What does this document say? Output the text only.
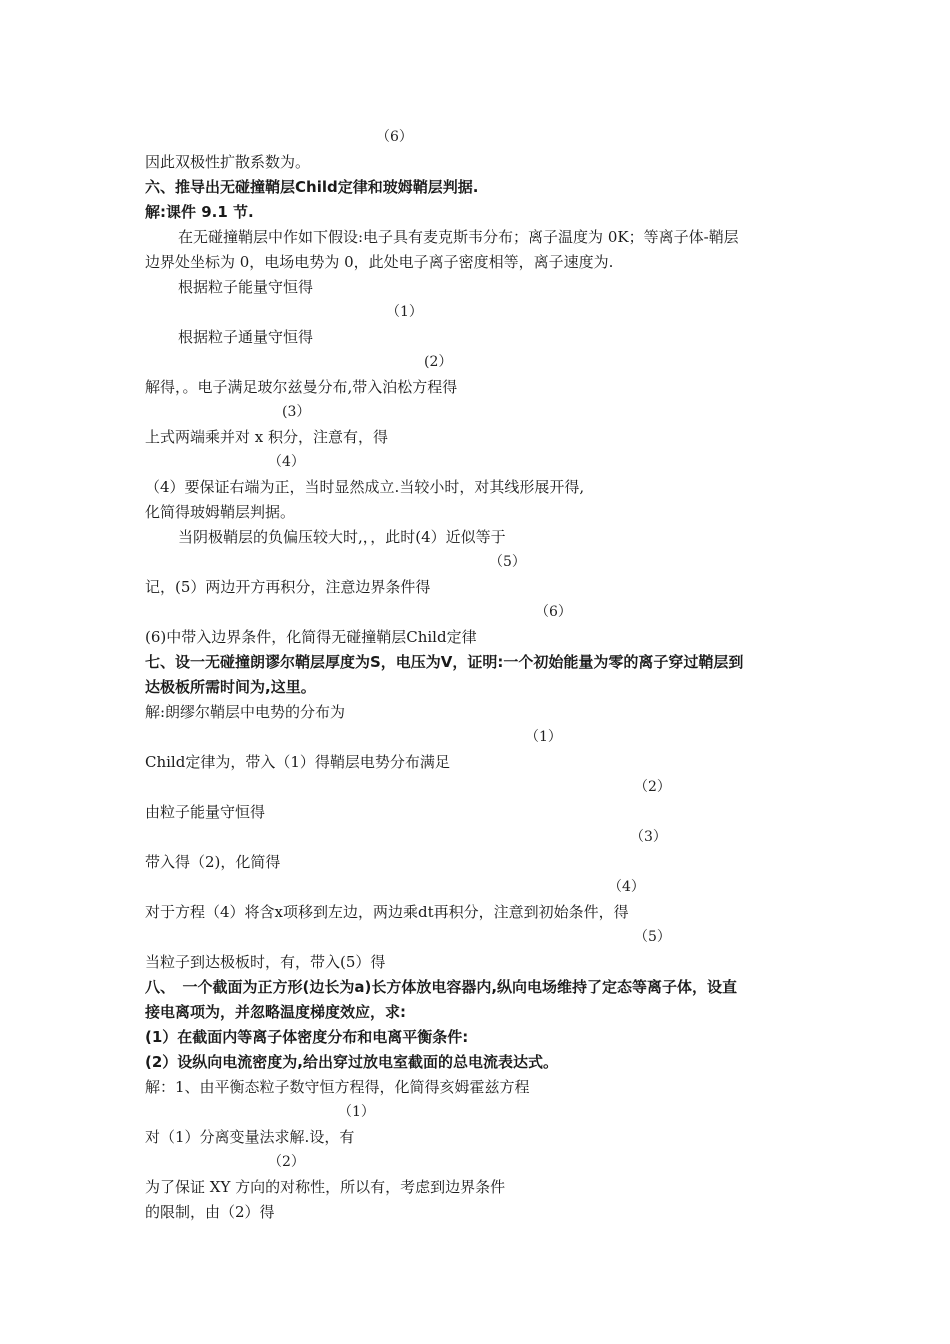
（6）
因此双极性扩散系数为。
六、推导出无碰撞鞘层Child定律和玻姆鞘层判据.
解:课件 9.1 节.
在无碰撞鞘层中作如下假设:电子具有麦克斯韦分布；离子温度为 0K；等离子体-鞘层
边界处坐标为 0，电场电势为 0，此处电子离子密度相等，离子速度为.
根据粒子能量守恒得
（1）
根据粒子通量守恒得
(2）
解得，。电子满足玻尔兹曼分布,带入泊松方程得
(3）
上式两端乘并对 x 积分，注意有，得
（4）
（4）要保证右端为正，当时显然成立.当较小时，对其线形展开得,
化简得玻姆鞘层判据。
当阴极鞘层的负偏压较大时,，，此时(4）近似等于
（5）
记，(5）两边开方再积分，注意边界条件得
（6）
(6)中带入边界条件，化简得无碰撞鞘层Child定律
七、设一无碰撞朗谬尔鞘层厚度为S，电压为V，证明:一个初始能量为零的离子穿过鞘层到
达极板所需时间为,这里。
解:朗缪尔鞘层中电势的分布为
（1）
Child定律为，带入（1）得鞘层电势分布满足
（2）
由粒子能量守恒得
（3）
带入得（2)，化简得
（4）
对于方程（4）将含x项移到左边，两边乘dt再积分，注意到初始条件，得
（5）
当粒子到达极板时，有，带入(5）得
八、　一个截面为正方形(边长为a)长方体放电容器内,纵向电场维持了定态等离子体，设直
接电离项为，并忽略温度梯度效应，求:
(1）在截面内等离子体密度分布和电离平衡条件:
(2）设纵向电流密度为,给出穿过放电室截面的总电流表达式。
解：1、由平衡态粒子数守恒方程得，化简得亥姆霍兹方程
（1）
对（1）分离变量法求解.设，有
（2）
为了保证 XY 方向的对称性，所以有，考虑到边界条件
的限制，由（2）得
